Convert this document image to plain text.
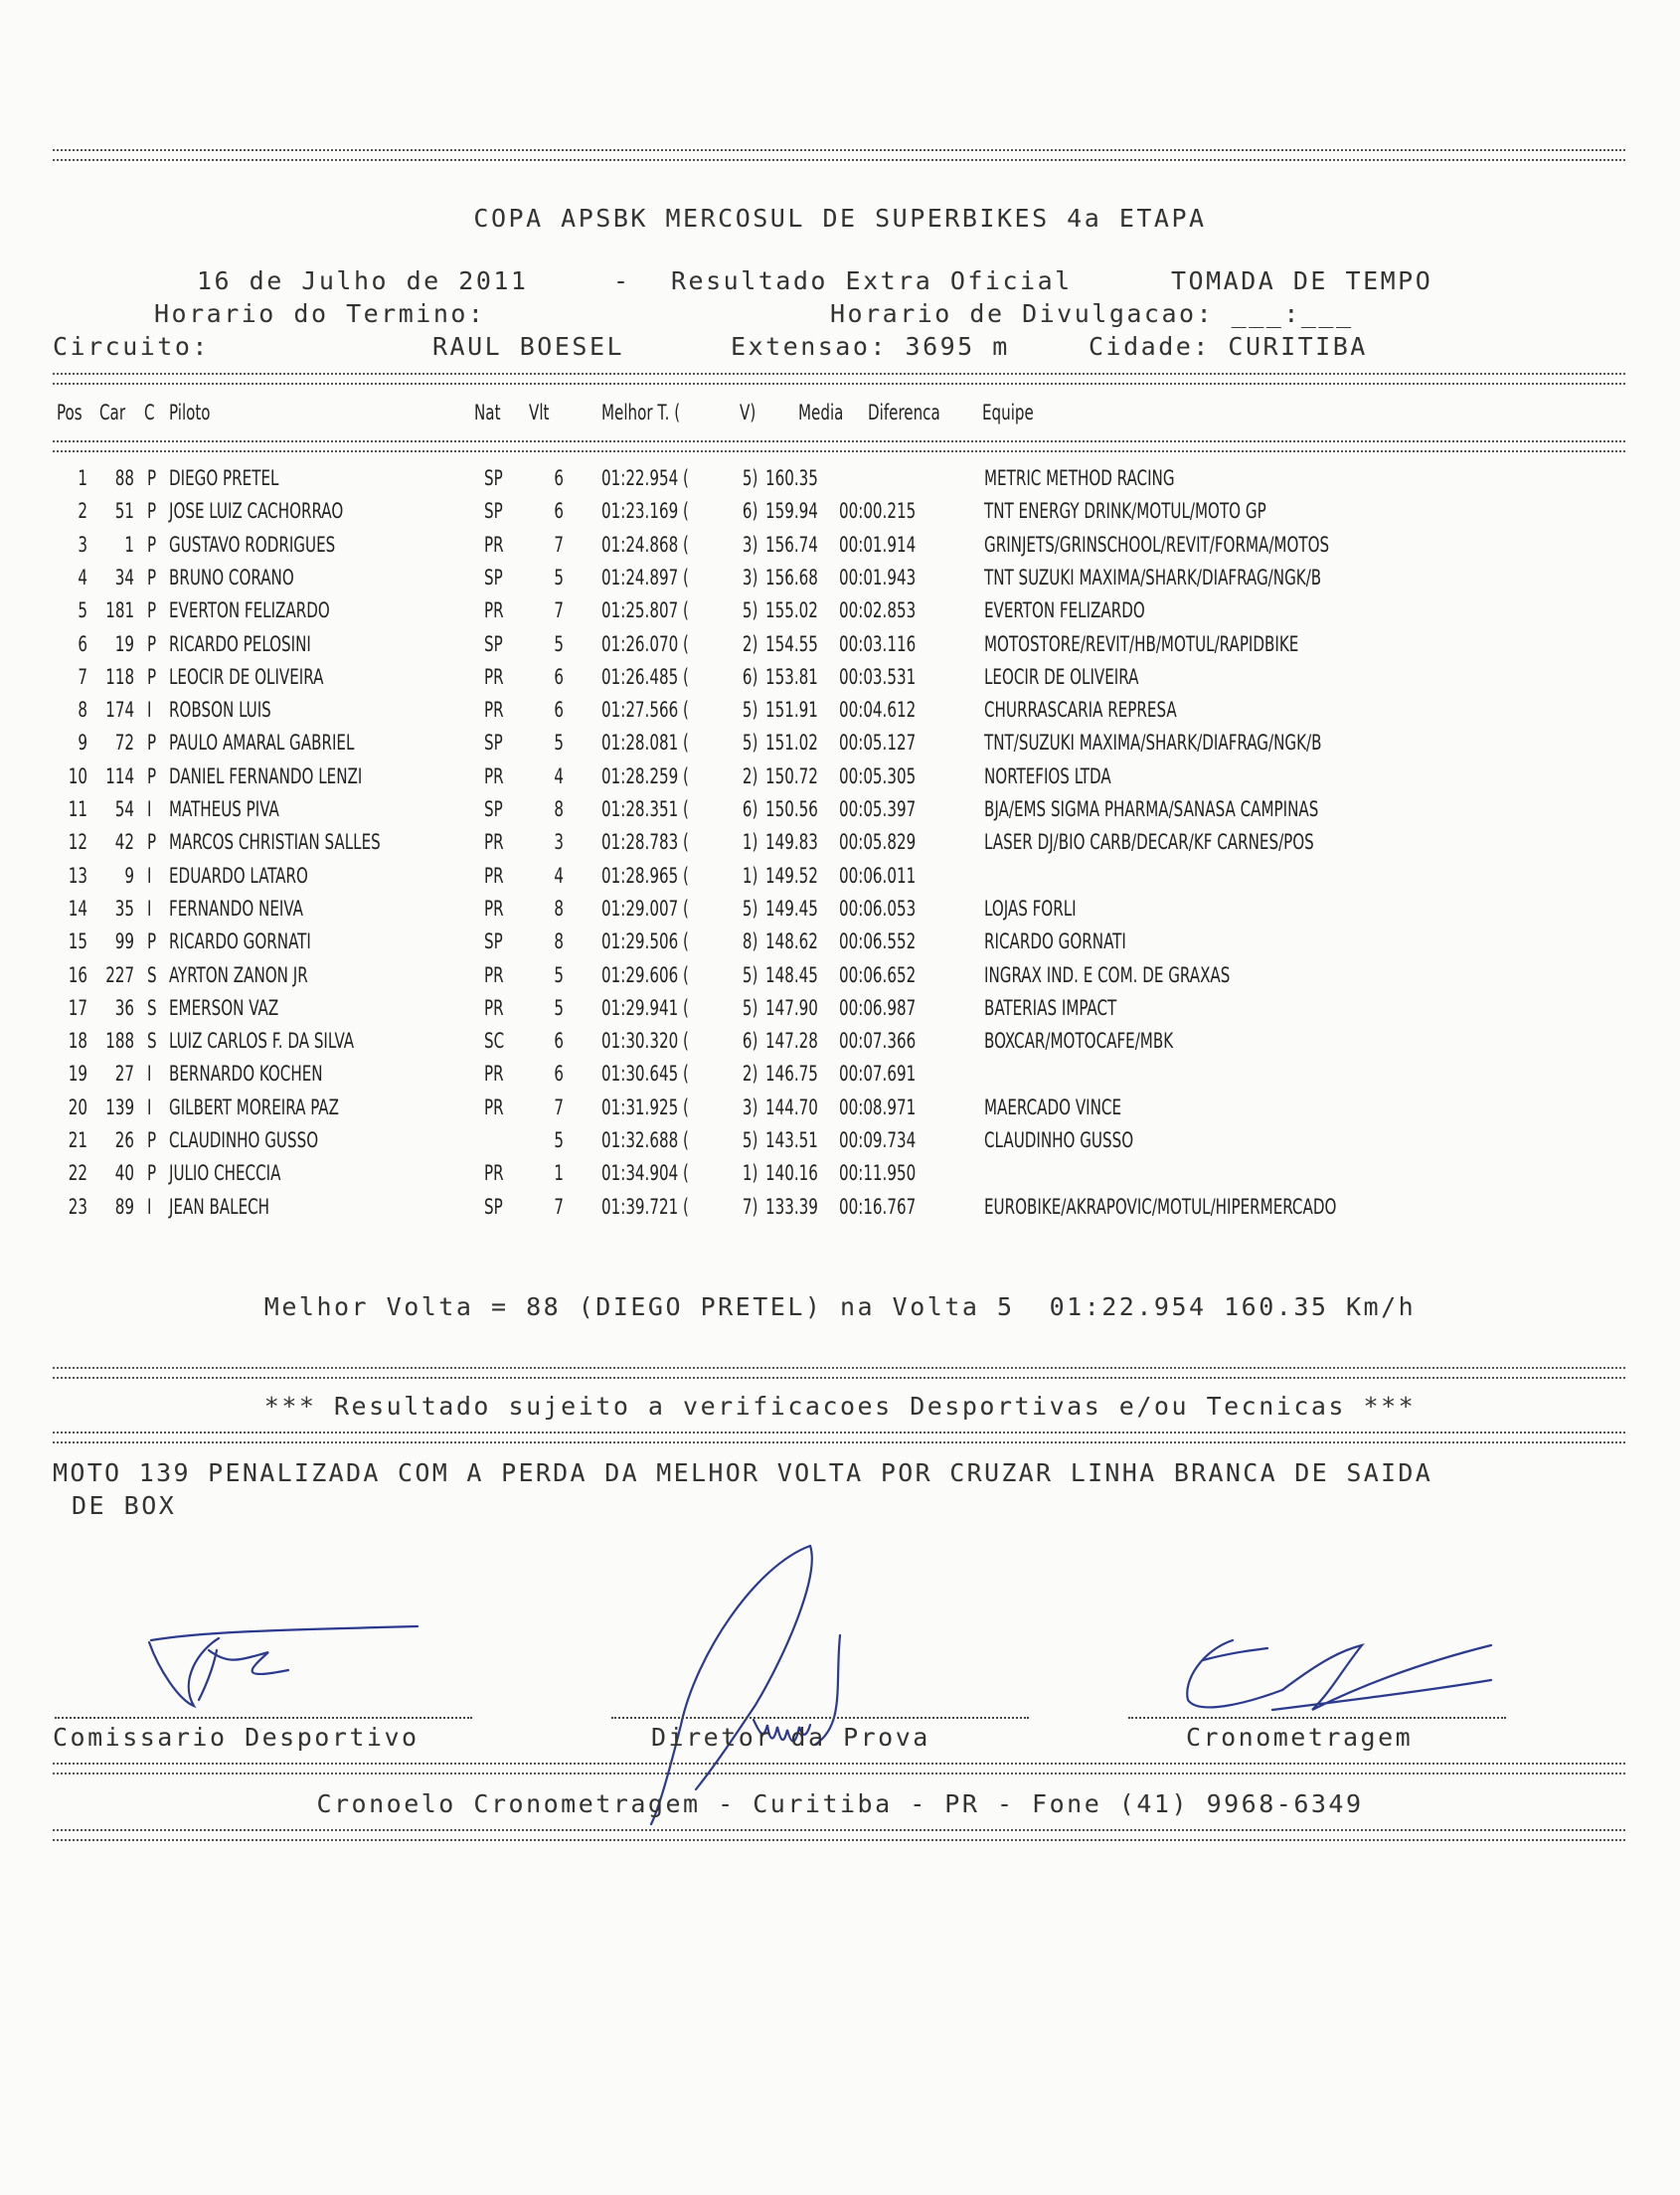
COPA APSBK MERCOSUL DE SUPERBIKES 4a ETAPA
16 de Julho de 2011	- Resultado Extra Oficial	TOMADA DE TEMPO
Horario do Termino:	Horario de Divulgacao: ___:___
Circuito:	RAUL BOESEL	Extensao: 3695 m	Cidade: CURITIBA
Pos Car C Piloto	Nat Vlt	Melhor T. (	V) Media Diferenca Equipe
1 88 P DIEGO PRETEL	SP 6 01:22.954 (	5) 160.35	METRIC METHOD RACING
2 51 P JOSE LUIZ CACHORRAO	SP 6 01:23.169 (	6) 159.94 00:00.215	TNT ENERGY DRINK/MOTUL/MOTO GP
3 1 P GUSTAVO RODRIGUES	PR 7 01:24.868 (	3) 156.74 00:01.914	GRINJETS/GRINSCHOOL/REVIT/FORMA/MOTOS
4 34 P BRUNO CORANO	SP 5 01:24.897 (	3) 156.68 00:01.943	TNT SUZUKI MAXIMA/SHARK/DIAFRAG/NGK/B
5 181 P EVERTON FELIZARDO	PR 7 01:25.807 (	5) 155.02 00:02.853	EVERTON FELIZARDO
6 19 P RICARDO PELOSINI	SP 5 01:26.070 (	2) 154.55 00:03.116	MOTOSTORE/REVIT/HB/MOTUL/RAPIDBIKE
7 118 P LEOCIR DE OLIVEIRA	PR 6 01:26.485 (	6) 153.81 00:03.531	LEOCIR DE OLIVEIRA
8 174 I ROBSON LUIS	PR 6 01:27.566 (	5) 151.91 00:04.612	CHURRASCARIA REPRESA
9 72 P PAULO AMARAL GABRIEL	SP 5 01:28.081 (	5) 151.02 00:05.127	TNT/SUZUKI MAXIMA/SHARK/DIAFRAG/NGK/B
10 114 P DANIEL FERNANDO LENZI	PR 4 01:28.259 (	2) 150.72 00:05.305	NORTEFIOS LTDA
11 54 I MATHEUS PIVA	SP 8 01:28.351 (	6) 150.56 00:05.397	BJA/EMS SIGMA PHARMA/SANASA CAMPINAS
12 42 P MARCOS CHRISTIAN SALLES	PR 3 01:28.783 (	1) 149.83 00:05.829	LASER DJ/BIO CARB/DECAR/KF CARNES/POS
13 9 I EDUARDO LATARO	PR 4 01:28.965 (	1) 149.52 00:06.011
14 35 I FERNANDO NEIVA	PR 8 01:29.007 (	5) 149.45 00:06.053	LOJAS FORLI
15 99 P RICARDO GORNATI	SP 8 01:29.506 (	8) 148.62 00:06.552	RICARDO GORNATI
16 227 S AYRTON ZANON JR	PR 5 01:29.606 (	5) 148.45 00:06.652	INGRAX IND. E COM. DE GRAXAS
17 36 S EMERSON VAZ	PR 5 01:29.941 (	5) 147.90 00:06.987	BATERIAS IMPACT
18 188 S LUIZ CARLOS F. DA SILVA	SC 6 01:30.320 (	6) 147.28 00:07.366	BOXCAR/MOTOCAFE/MBK
19 27 I BERNARDO KOCHEN	PR 6 01:30.645 (	2) 146.75 00:07.691
20 139 I GILBERT MOREIRA PAZ	PR 7 01:31.925 (	3) 144.70 00:08.971	MAERCADO VINCE
21 26 P CLAUDINHO GUSSO	5 01:32.688 (	5) 143.51 00:09.734	CLAUDINHO GUSSO
22 40 P JULIO CHECCIA	PR 1 01:34.904 (	1) 140.16 00:11.950
23 89 I JEAN BALECH	SP 7 01:39.721 (	7) 133.39 00:16.767	EUROBIKE/AKRAPOVIC/MOTUL/HIPERMERCADO
Melhor Volta = 88 (DIEGO PRETEL) na Volta 5  01:22.954 160.35 Km/h
*** Resultado sujeito a verificacoes Desportivas e/ou Tecnicas ***
MOTO 139 PENALIZADA COM A PERDA DA MELHOR VOLTA POR CRUZAR LINHA BRANCA DE SAIDA
DE BOX
Comissario Desportivo	Diretor da Prova	Cronometragem
Cronoelo Cronometragem - Curitiba - PR - Fone (41) 9968-6349
